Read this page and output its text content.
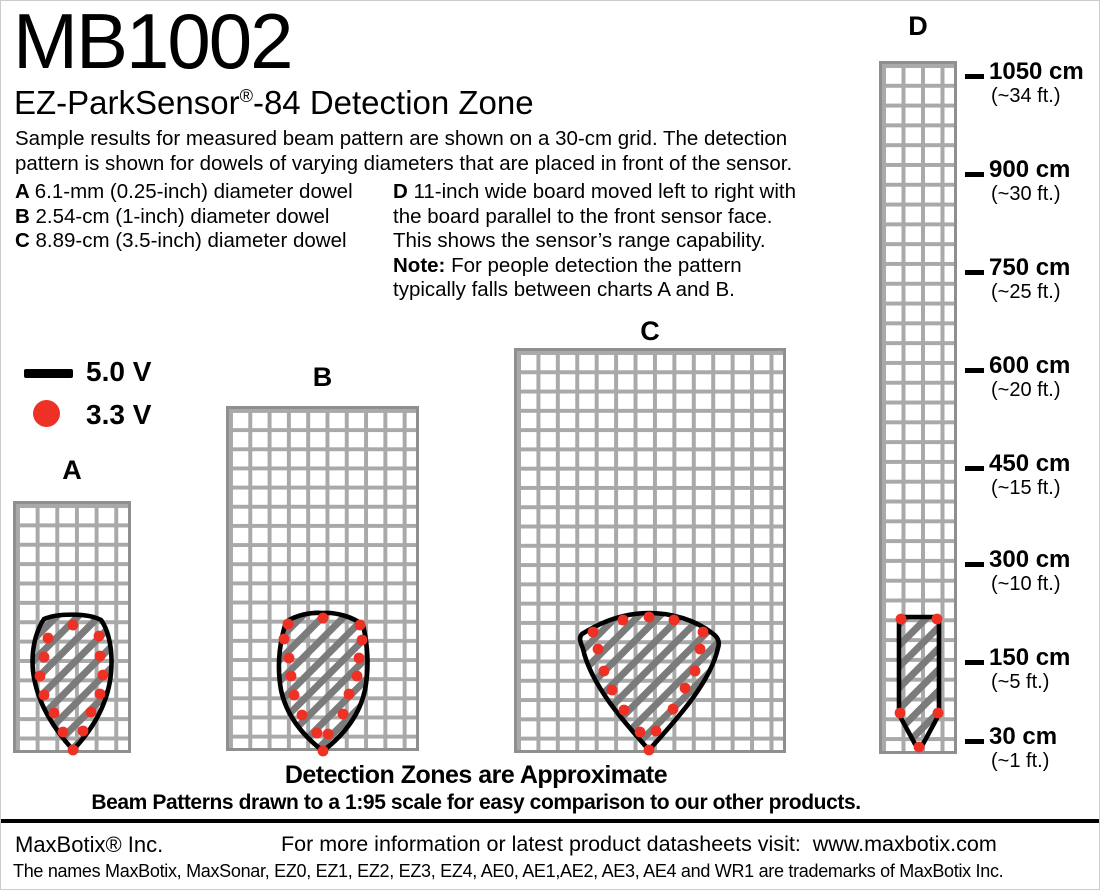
MB1002
EZ-ParkSensor®-84 Detection Zone
Sample results for measured beam pattern are shown on a 30-cm grid. The detection
pattern is shown for dowels of varying diameters that are placed in front of the sensor.
5.0 V
3.3 V
Detection Zones are Approximate
Beam Patterns drawn to a 1:95 scale for easy comparison to our other products.
MaxBotix® Inc.	For more information or latest product datasheets visit:  www.maxbotix.com
The names MaxBotix, MaxSonar, EZ0, EZ1, EZ2, EZ3, EZ4, AE0, AE1,AE2, AE3, AE4 and WR1 are trademarks of MaxBotix Inc.
A 6.1-mm (0.25-inch) diameter dowel
B 2.54-cm (1-inch) diameter dowel
C 8.89-cm (3.5-inch) diameter dowel
D 11-inch wide board moved left to right with
the board parallel to the front sensor face.
This shows the sensor’s range capability.
Note: For people detection the pattern
typically falls between charts A and B.
A
B
C
D
1050 cm
(~34 ft.)
900 cm
(~30 ft.)
750 cm
(~25 ft.)
600 cm
(~20 ft.)
450 cm
(~15 ft.)
300 cm
(~10 ft.)
150 cm
(~5 ft.)
30 cm
(~1 ft.)
